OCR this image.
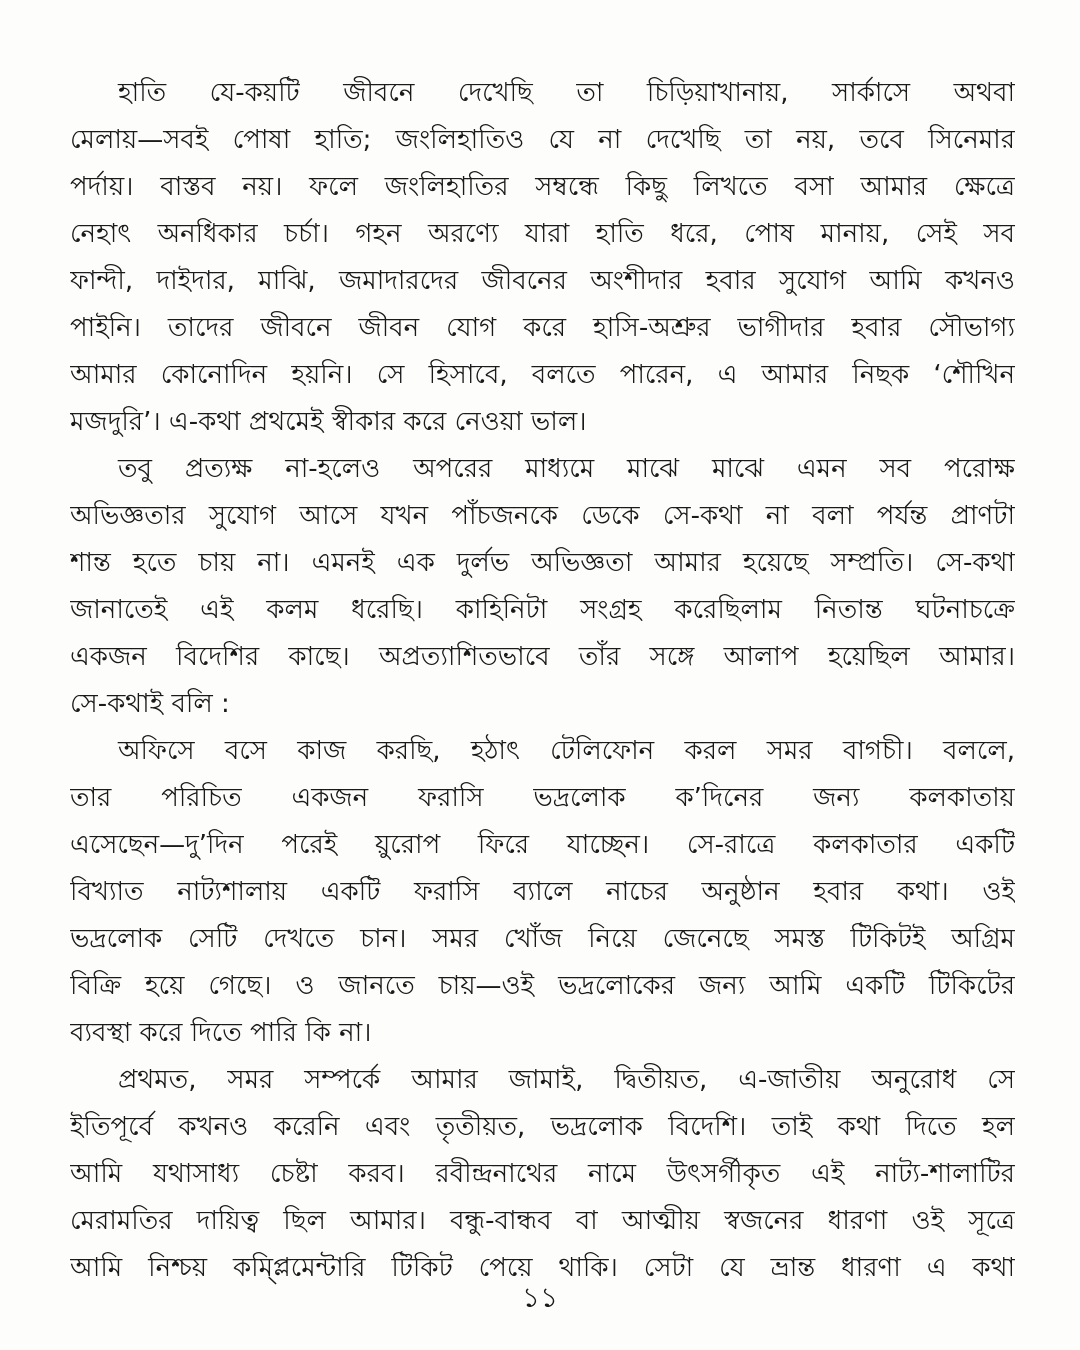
হাতি যে-কয়টি জীবনে দেখেছি তা চিড়িয়াখানায়, সার্কাসে অথবা
মেলায়—সবই পোষা হাতি; জংলিহাতিও যে না দেখেছি তা নয়, তবে সিনেমার
পর্দায়। বাস্তব নয়। ফলে জংলিহাতির সম্বন্ধে কিছু লিখতে বসা আমার ক্ষেত্রে
নেহাৎ অনধিকার চর্চা। গহন অরণ্যে যারা হাতি ধরে, পোষ মানায়, সেই সব
ফান্দী, দাইদার, মাঝি, জমাদারদের জীবনের অংশীদার হবার সুযোগ আমি কখনও
পাইনি। তাদের জীবনে জীবন যোগ করে হাসি-অশ্রুর ভাগীদার হবার সৌভাগ্য
আমার কোনোদিন হয়নি। সে হিসাবে, বলতে পারেন, এ আমার নিছক ‘শৌখিন
মজদুরি’। এ-কথা প্রথমেই স্বীকার করে নেওয়া ভাল।
তবু প্রত্যক্ষ না-হলেও অপরের মাধ্যমে মাঝে মাঝে এমন সব পরোক্ষ
অভিজ্ঞতার সুযোগ আসে যখন পাঁচজনকে ডেকে সে-কথা না বলা পর্যন্ত প্রাণটা
শান্ত হতে চায় না। এমনই এক দুর্লভ অভিজ্ঞতা আমার হয়েছে সম্প্রতি। সে-কথা
জানাতেই এই কলম ধরেছি। কাহিনিটা সংগ্রহ করেছিলাম নিতান্ত ঘটনাচক্রে
একজন বিদেশির কাছে। অপ্রত্যাশিতভাবে তাঁর সঙ্গে আলাপ হয়েছিল আমার।
সে-কথাই বলি :
অফিসে বসে কাজ করছি, হঠাৎ টেলিফোন করল সমর বাগচী। বললে,
তার পরিচিত একজন ফরাসি ভদ্রলোক ক’দিনের জন্য কলকাতায়
এসেছেন—দু’দিন পরেই য়ুরোপ ফিরে যাচ্ছেন। সে-রাত্রে কলকাতার একটি
বিখ্যাত নাট্যশালায় একটি ফরাসি ব্যালে নাচের অনুষ্ঠান হবার কথা। ওই
ভদ্রলোক সেটি দেখতে চান। সমর খোঁজ নিয়ে জেনেছে সমস্ত টিকিটই অগ্রিম
বিক্রি হয়ে গেছে। ও জানতে চায়—ওই ভদ্রলোকের জন্য আমি একটি টিকিটের
ব্যবস্থা করে দিতে পারি কি না।
প্রথমত, সমর সম্পর্কে আমার জামাই, দ্বিতীয়ত, এ-জাতীয় অনুরোধ সে
ইতিপূর্বে কখনও করেনি এবং তৃতীয়ত, ভদ্রলোক বিদেশি। তাই কথা দিতে হল
আমি যথাসাধ্য চেষ্টা করব। রবীন্দ্রনাথের নামে উৎসর্গীকৃত এই নাট্য-শালাটির
মেরামতির দায়িত্ব ছিল আমার। বন্ধু-বান্ধব বা আত্মীয় স্বজনের ধারণা ওই সূত্রে
আমি নিশ্চয় কম্প্লিমেন্টারি টিকিট পেয়ে থাকি। সেটা যে ভ্রান্ত ধারণা এ কথা
১১
